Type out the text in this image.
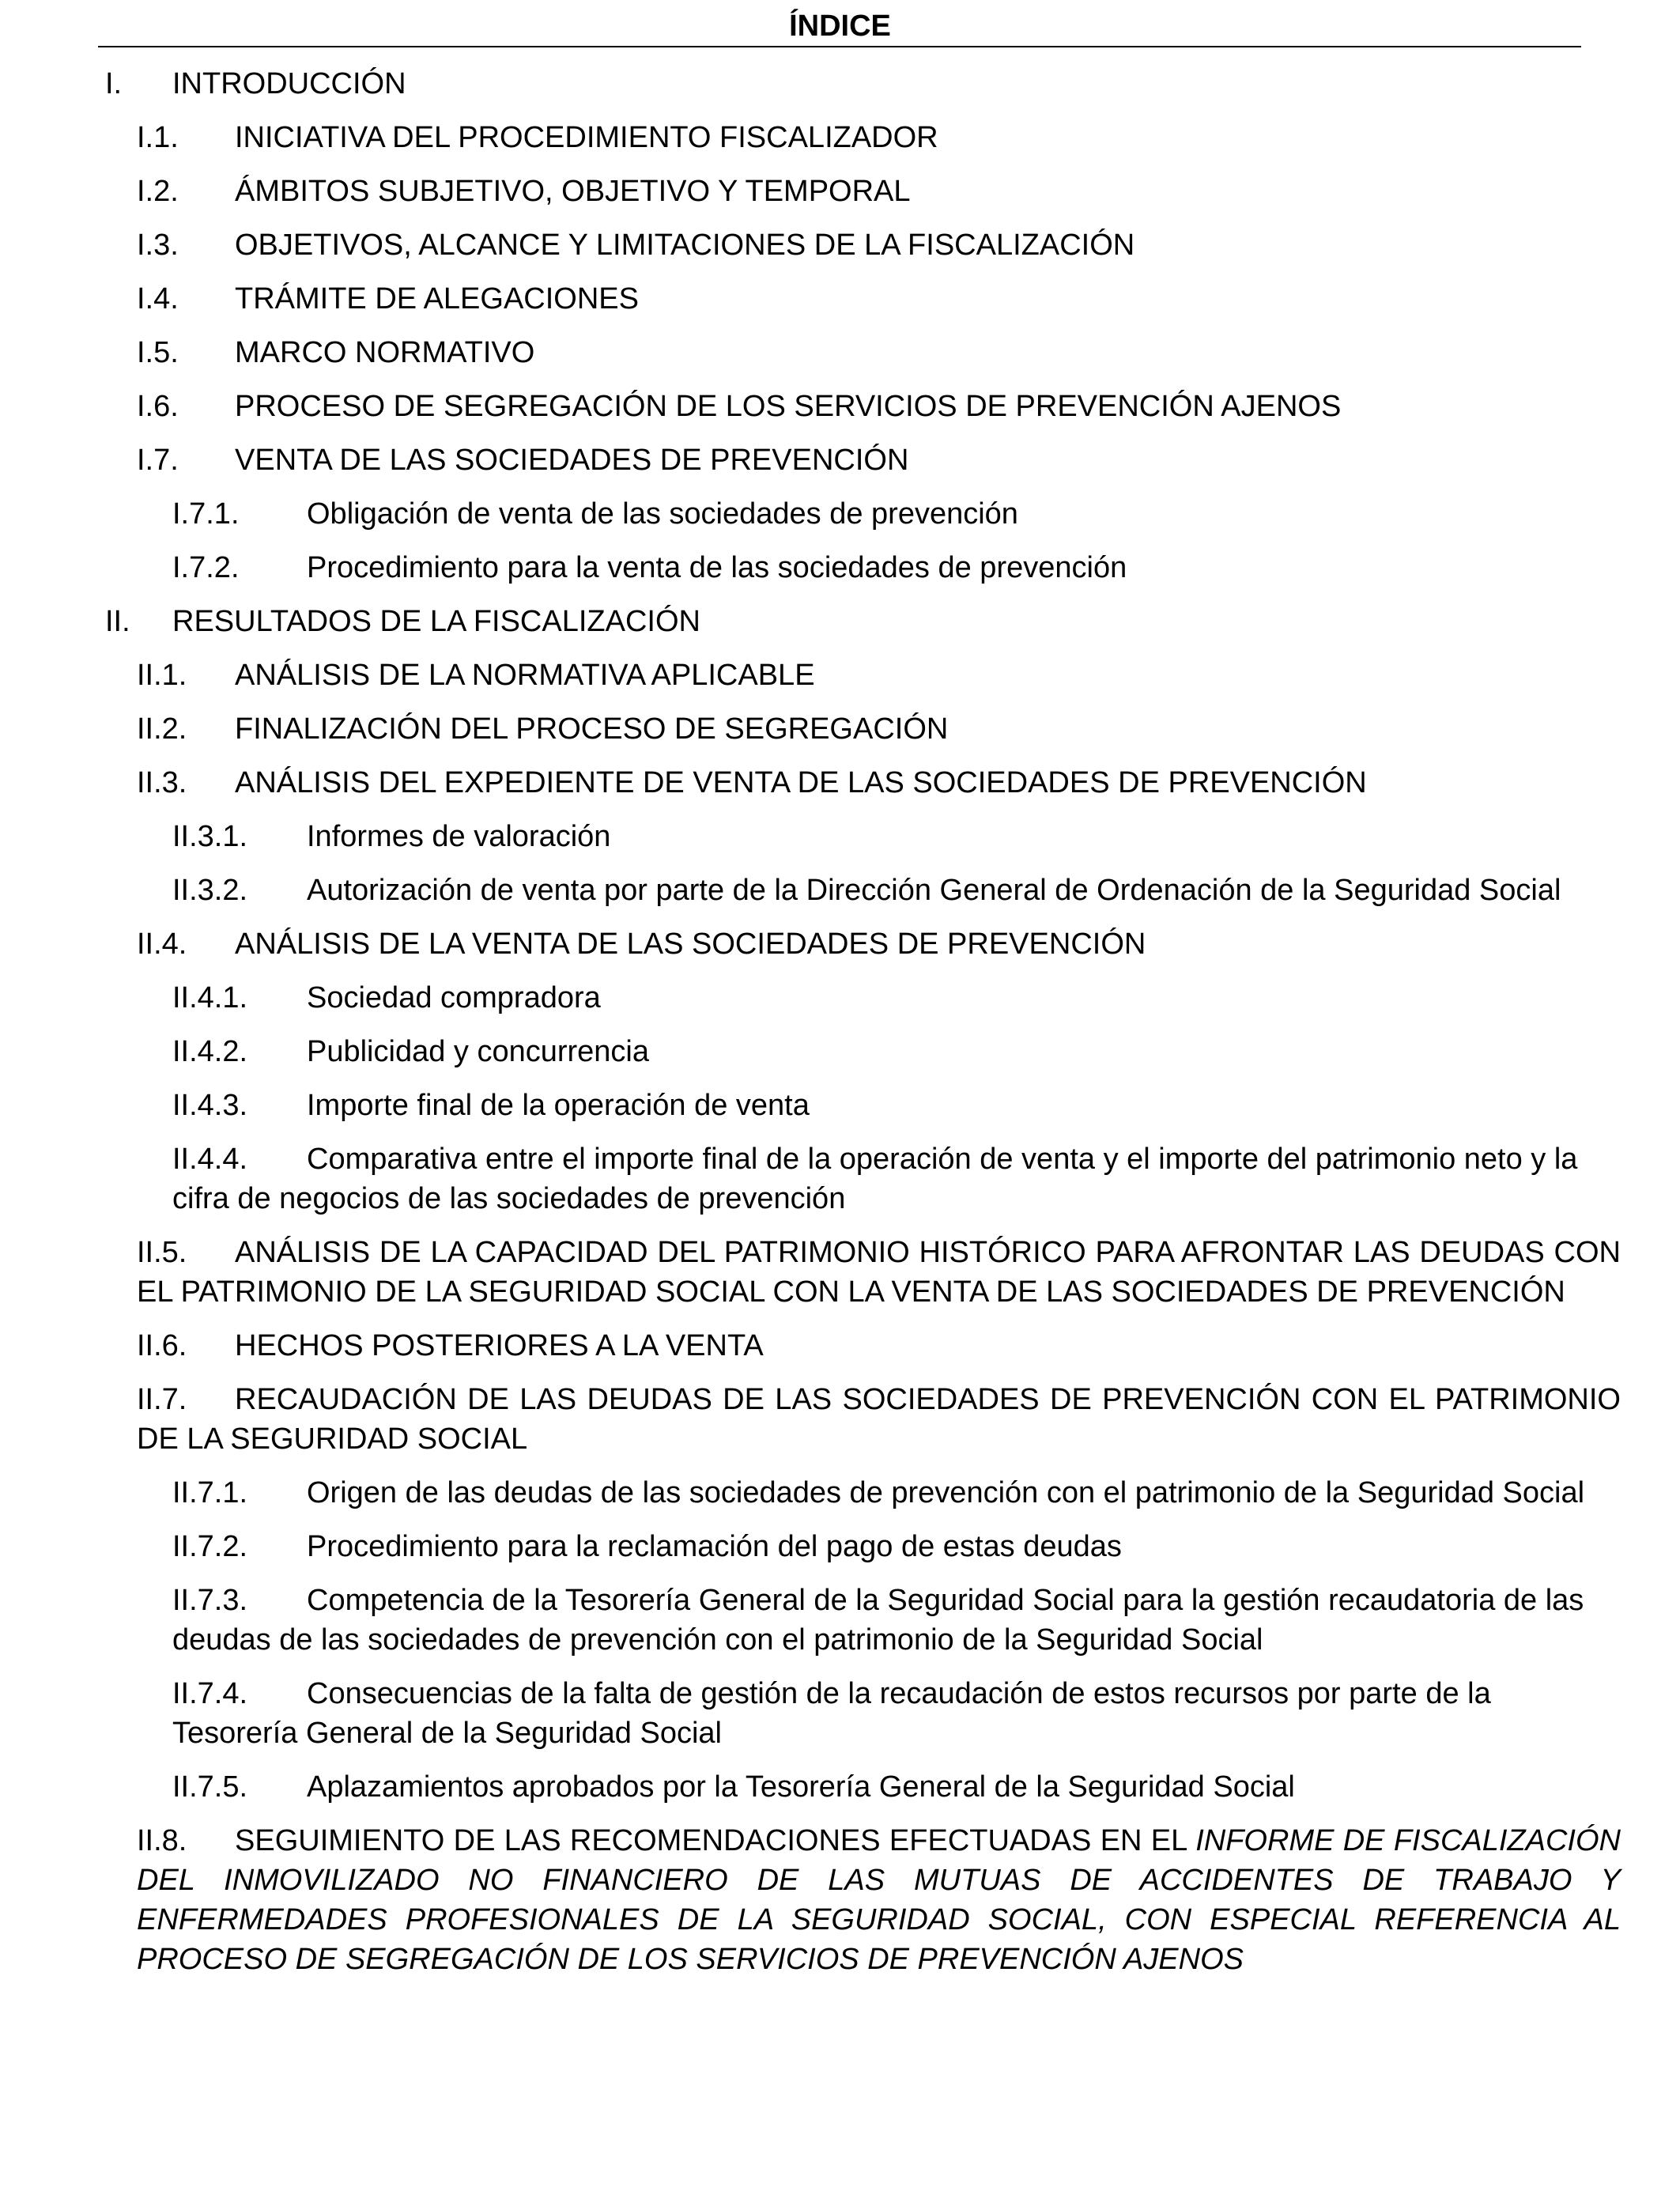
ÍNDICE
I. INTRODUCCIÓN
I.1. INICIATIVA DEL PROCEDIMIENTO FISCALIZADOR
I.2. ÁMBITOS SUBJETIVO, OBJETIVO Y TEMPORAL
I.3. OBJETIVOS, ALCANCE Y LIMITACIONES DE LA FISCALIZACIÓN
I.4. TRÁMITE DE ALEGACIONES
I.5. MARCO NORMATIVO
I.6. PROCESO DE SEGREGACIÓN DE LOS SERVICIOS DE PREVENCIÓN AJENOS
I.7. VENTA DE LAS SOCIEDADES DE PREVENCIÓN
I.7.1. Obligación de venta de las sociedades de prevención
I.7.2. Procedimiento para la venta de las sociedades de prevención
II. RESULTADOS DE LA FISCALIZACIÓN
II.1. ANÁLISIS DE LA NORMATIVA APLICABLE
II.2. FINALIZACIÓN DEL PROCESO DE SEGREGACIÓN
II.3. ANÁLISIS DEL EXPEDIENTE DE VENTA DE LAS SOCIEDADES DE PREVENCIÓN
II.3.1. Informes de valoración
II.3.2. Autorización de venta por parte de la Dirección General de Ordenación de la Seguridad Social
II.4. ANÁLISIS DE LA VENTA DE LAS SOCIEDADES DE PREVENCIÓN
II.4.1. Sociedad compradora
II.4.2. Publicidad y concurrencia
II.4.3. Importe final de la operación de venta
II.4.4. Comparativa entre el importe final de la operación de venta y el importe del patrimonio neto y la cifra de negocios de las sociedades de prevención
II.5. ANÁLISIS DE LA CAPACIDAD DEL PATRIMONIO HISTÓRICO PARA AFRONTAR LAS DEUDAS CON EL PATRIMONIO DE LA SEGURIDAD SOCIAL CON LA VENTA DE LAS SOCIEDADES DE PREVENCIÓN
II.6. HECHOS POSTERIORES A LA VENTA
II.7. RECAUDACIÓN DE LAS DEUDAS DE LAS SOCIEDADES DE PREVENCIÓN CON EL PATRIMONIO DE LA SEGURIDAD SOCIAL
II.7.1. Origen de las deudas de las sociedades de prevención con el patrimonio de la Seguridad Social
II.7.2. Procedimiento para la reclamación del pago de estas deudas
II.7.3. Competencia de la Tesorería General de la Seguridad Social para la gestión recaudatoria de las deudas de las sociedades de prevención con el patrimonio de la Seguridad Social
II.7.4. Consecuencias de la falta de gestión de la recaudación de estos recursos por parte de la Tesorería General de la Seguridad Social
II.7.5. Aplazamientos aprobados por la Tesorería General de la Seguridad Social
II.8. SEGUIMIENTO DE LAS RECOMENDACIONES EFECTUADAS EN EL INFORME DE FISCALIZACIÓN DEL INMOVILIZADO NO FINANCIERO DE LAS MUTUAS DE ACCIDENTES DE TRABAJO Y ENFERMEDADES PROFESIONALES DE LA SEGURIDAD SOCIAL, CON ESPECIAL REFERENCIA AL PROCESO DE SEGREGACIÓN DE LOS SERVICIOS DE PREVENCIÓN AJENOS
